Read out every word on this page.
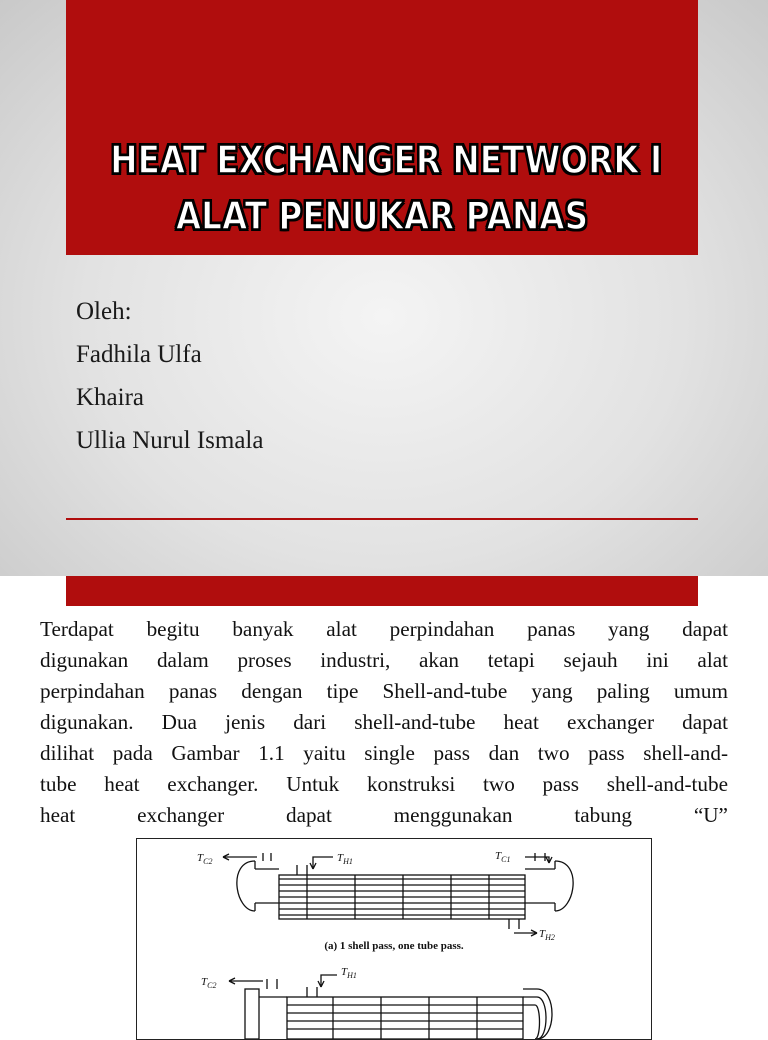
HEAT EXCHANGER NETWORK I
ALAT PENUKAR PANAS
Oleh:
Fadhila Ulfa
Khaira
Ullia Nurul Ismala
Terdapat begitu banyak alat perpindahan panas yang dapat
digunakan dalam proses industri, akan tetapi sejauh ini alat
perpindahan panas dengan tipe Shell-and-tube yang paling umum
digunakan. Dua jenis dari shell-and-tube heat exchanger dapat
dilihat pada Gambar 1.1 yaitu single pass dan two pass shell-and-
tube heat exchanger. Untuk konstruksi two pass shell-and-tube
heat	exchanger	dapat	menggunakan	tabung	“U”
$T_{C2}$	$T_{H1}$	$T_{C1}$
$T_{H2}$
$T_{C2}$
$T_{H1}$
(a) 1 shell pass, one tube pass.
